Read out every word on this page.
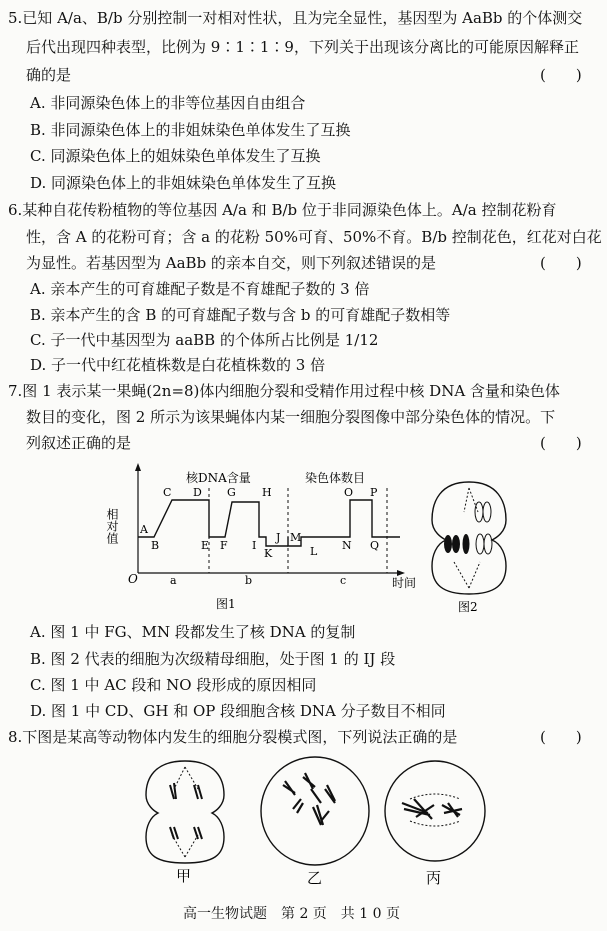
5.已知 A/a、B/b 分别控制一对相对性状，且为完全显性，基因型为 AaBb 的个体测交
后代出现四种表型，比例为 9∶1∶1∶9，下列关于出现该分离比的可能原因解释正
确的是	(　　)
A. 非同源染色体上的非等位基因自由组合
B. 非同源染色体上的非姐妹染色单体发生了互换
C. 同源染色体上的姐妹染色单体发生了互换
D. 同源染色体上的非姐妹染色单体发生了互换
6.某种自花传粉植物的等位基因 A/a 和 B/b 位于非同源染色体上。A/a 控制花粉育
性，含 A 的花粉可育；含 a 的花粉 50%可育、50%不育。B/b 控制花色，红花对白花
为显性。若基因型为 AaBb 的亲本自交，则下列叙述错误的是	(　　)
A. 亲本产生的可育雄配子数是不育雄配子数的 3 倍
B. 亲本产生的含 B 的可育雄配子数与含 b 的可育雄配子数相等
C. 子一代中基因型为 aaBB 的个体所占比例是 1/12
D. 子一代中红花植株数是白花植株数的 3 倍
7.图 1 表示某一果蝇(2n=8)体内细胞分裂和受精作用过程中核 DNA 含量和染色体
数目的变化，图 2 所示为该果蝇体内某一细胞分裂图像中部分染色体的情况。下
列叙述正确的是	(　　)
相对值
O	时间
核DNA含量	染色体数目
A
B
C D
E F
G H
I
J
K
M
L N
O P
Q
a	b	c
图1	图2
A. 图 1 中 FG、MN 段都发生了核 DNA 的复制
B. 图 2 代表的细胞为次级精母细胞，处于图 1 的 IJ 段
C. 图 1 中 AC 段和 NO 段形成的原因相同
D. 图 1 中 CD、GH 和 OP 段细胞含核 DNA 分子数目不相同
8.下图是某高等动物体内发生的细胞分裂模式图，下列说法正确的是	(　　)
甲	乙	丙
高一生物试题　第 2 页　共 1 0 页
